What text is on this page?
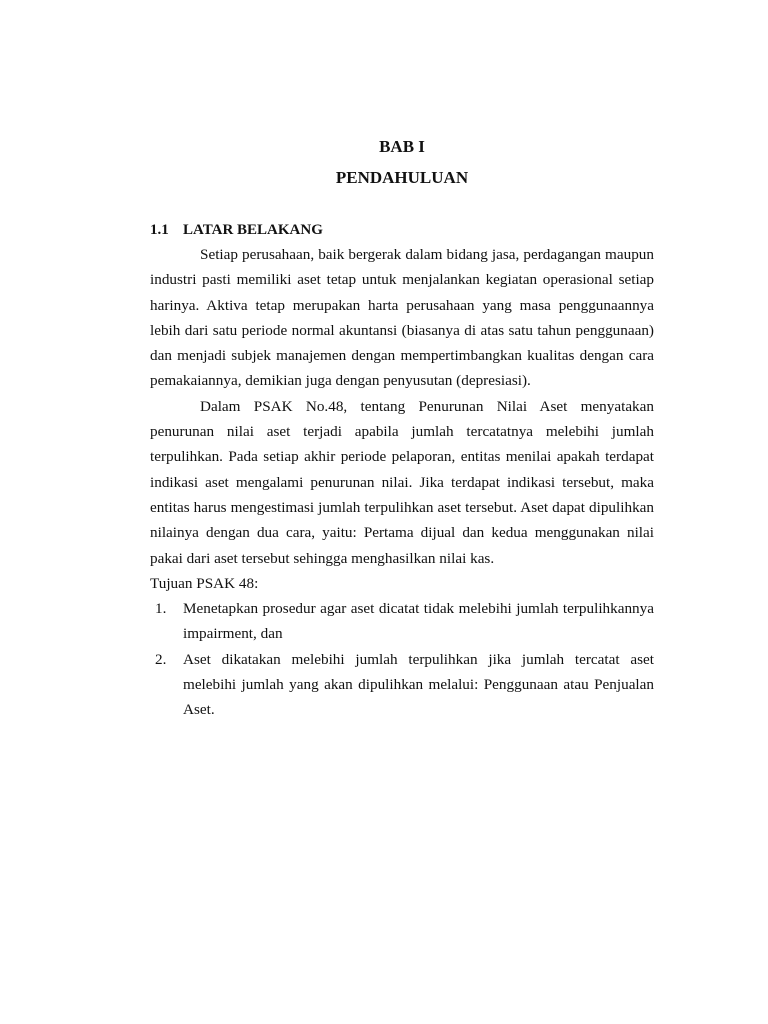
BAB I
PENDAHULUAN
1.1 LATAR BELAKANG

Setiap perusahaan, baik bergerak dalam bidang jasa, perdagangan maupun industri pasti memiliki aset tetap untuk menjalankan kegiatan operasional setiap harinya. Aktiva tetap merupakan harta perusahaan yang masa penggunaannya lebih dari satu periode normal akuntansi (biasanya di atas satu tahun penggunaan) dan menjadi subjek manajemen dengan mempertimbangkan kualitas dengan cara pemakaiannya, demikian juga dengan penyusutan (depresiasi).

Dalam PSAK No.48, tentang Penurunan Nilai Aset menyatakan penurunan nilai aset terjadi apabila jumlah tercatatnya melebihi jumlah terpulihkan. Pada setiap akhir periode pelaporan, entitas menilai apakah terdapat indikasi aset mengalami penurunan nilai. Jika terdapat indikasi tersebut, maka entitas harus mengestimasi jumlah terpulihkan aset tersebut. Aset dapat dipulihkan nilainya dengan dua cara, yaitu: Pertama dijual dan kedua menggunakan nilai pakai dari aset tersebut sehingga menghasilkan nilai kas.

Tujuan PSAK 48:

1.	Menetapkan prosedur agar aset dicatat tidak melebihi jumlah terpulihkannya impairment, dan
2.	Aset dikatakan melebihi jumlah terpulihkan jika jumlah tercatat aset melebihi jumlah yang akan dipulihkan melalui: Penggunaan atau Penjualan Aset.
